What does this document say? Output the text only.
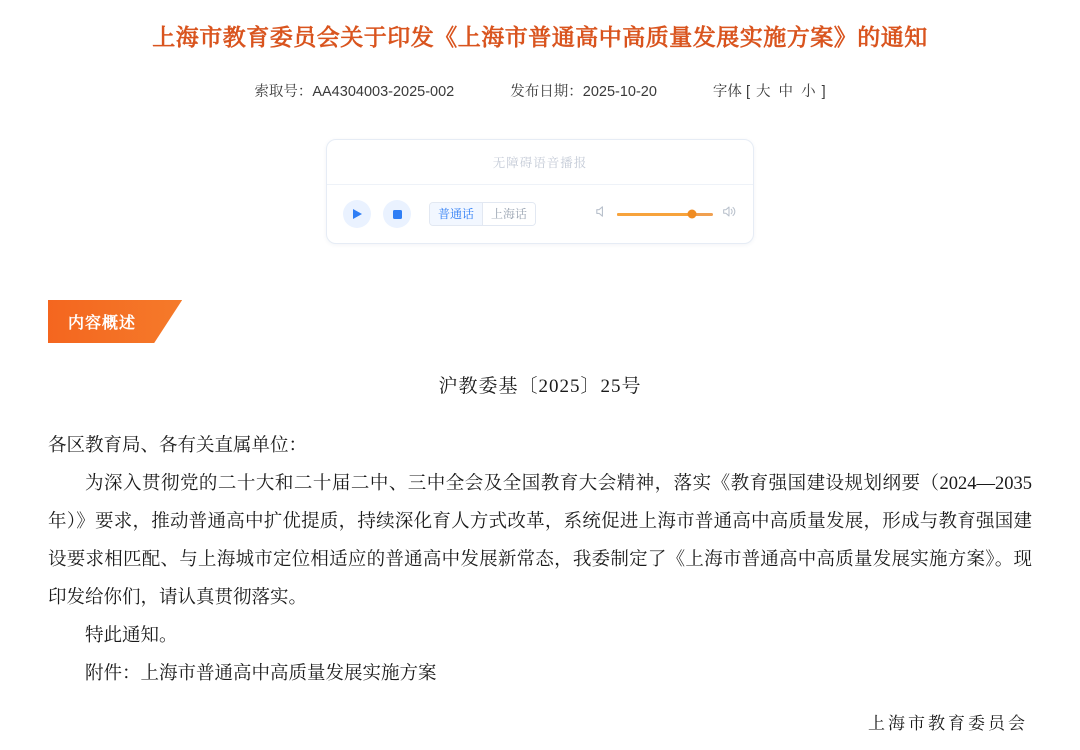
上海市教育委员会关于印发《上海市普通高中高质量发展实施方案》的通知
索取号：AA4304003-2025-002	发布日期：2025-10-20	字体 [ 大 中 小 ]
无障碍语音播报
普通话	上海话
内容概述
沪教委基〔2025〕25号

各区教育局、各有关直属单位：

为深入贯彻党的二十大和二十届二中、三中全会及全国教育大会精神，落实《教育强国建设规划纲要（2024—2035年）》要求，推动普通高中扩优提质，持续深化育人方式改革，系统促进上海市普通高中高质量发展，形成与教育强国建设要求相匹配、与上海城市定位相适应的普通高中发展新常态，我委制定了《上海市普通高中高质量发展实施方案》。现印发给你们，请认真贯彻落实。

特此通知。

附件：上海市普通高中高质量发展实施方案

上海市教育委员会
